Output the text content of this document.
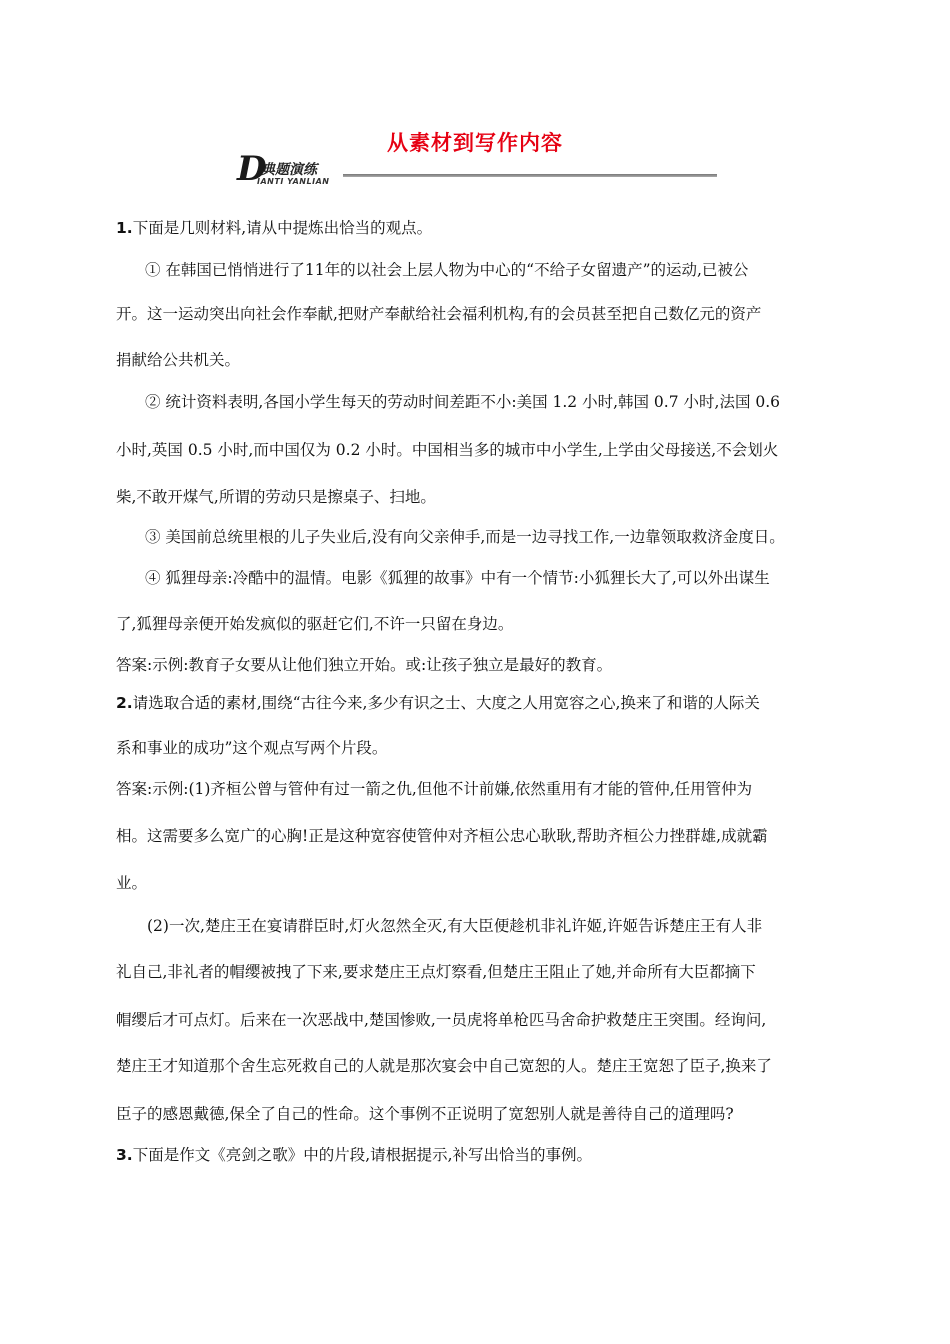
从素材到写作内容
D
典题演练
IANTI YANLIAN
1.下面是几则材料,请从中提炼出恰当的观点。
① 在韩国已悄悄进行了11年的以社会上层人物为中心的“不给子女留遗产”的运动,已被公
开。这一运动突出向社会作奉献,把财产奉献给社会福利机构,有的会员甚至把自己数亿元的资产
捐献给公共机关。
② 统计资料表明,各国小学生每天的劳动时间差距不小:美国 1.2 小时,韩国 0.7 小时,法国 0.6
小时,英国 0.5 小时,而中国仅为 0.2 小时。中国相当多的城市中小学生,上学由父母接送,不会划火
柴,不敢开煤气,所谓的劳动只是擦桌子、扫地。
③ 美国前总统里根的儿子失业后,没有向父亲伸手,而是一边寻找工作,一边靠领取救济金度日。
④ 狐狸母亲:冷酷中的温情。电影《狐狸的故事》中有一个情节:小狐狸长大了,可以外出谋生
了,狐狸母亲便开始发疯似的驱赶它们,不许一只留在身边。
答案:示例:教育子女要从让他们独立开始。或:让孩子独立是最好的教育。
2.请选取合适的素材,围绕“古往今来,多少有识之士、大度之人用宽容之心,换来了和谐的人际关
系和事业的成功”这个观点写两个片段。
答案:示例:(1)齐桓公曾与管仲有过一箭之仇,但他不计前嫌,依然重用有才能的管仲,任用管仲为
相。这需要多么宽广的心胸!正是这种宽容使管仲对齐桓公忠心耿耿,帮助齐桓公力挫群雄,成就霸
业。
(2)一次,楚庄王在宴请群臣时,灯火忽然全灭,有大臣便趁机非礼许姬,许姬告诉楚庄王有人非
礼自己,非礼者的帽缨被拽了下来,要求楚庄王点灯察看,但楚庄王阻止了她,并命所有大臣都摘下
帽缨后才可点灯。后来在一次恶战中,楚国惨败,一员虎将单枪匹马舍命护救楚庄王突围。经询问,
楚庄王才知道那个舍生忘死救自己的人就是那次宴会中自己宽恕的人。楚庄王宽恕了臣子,换来了
臣子的感恩戴德,保全了自己的性命。这个事例不正说明了宽恕别人就是善待自己的道理吗?
3.下面是作文《亮剑之歌》中的片段,请根据提示,补写出恰当的事例。
